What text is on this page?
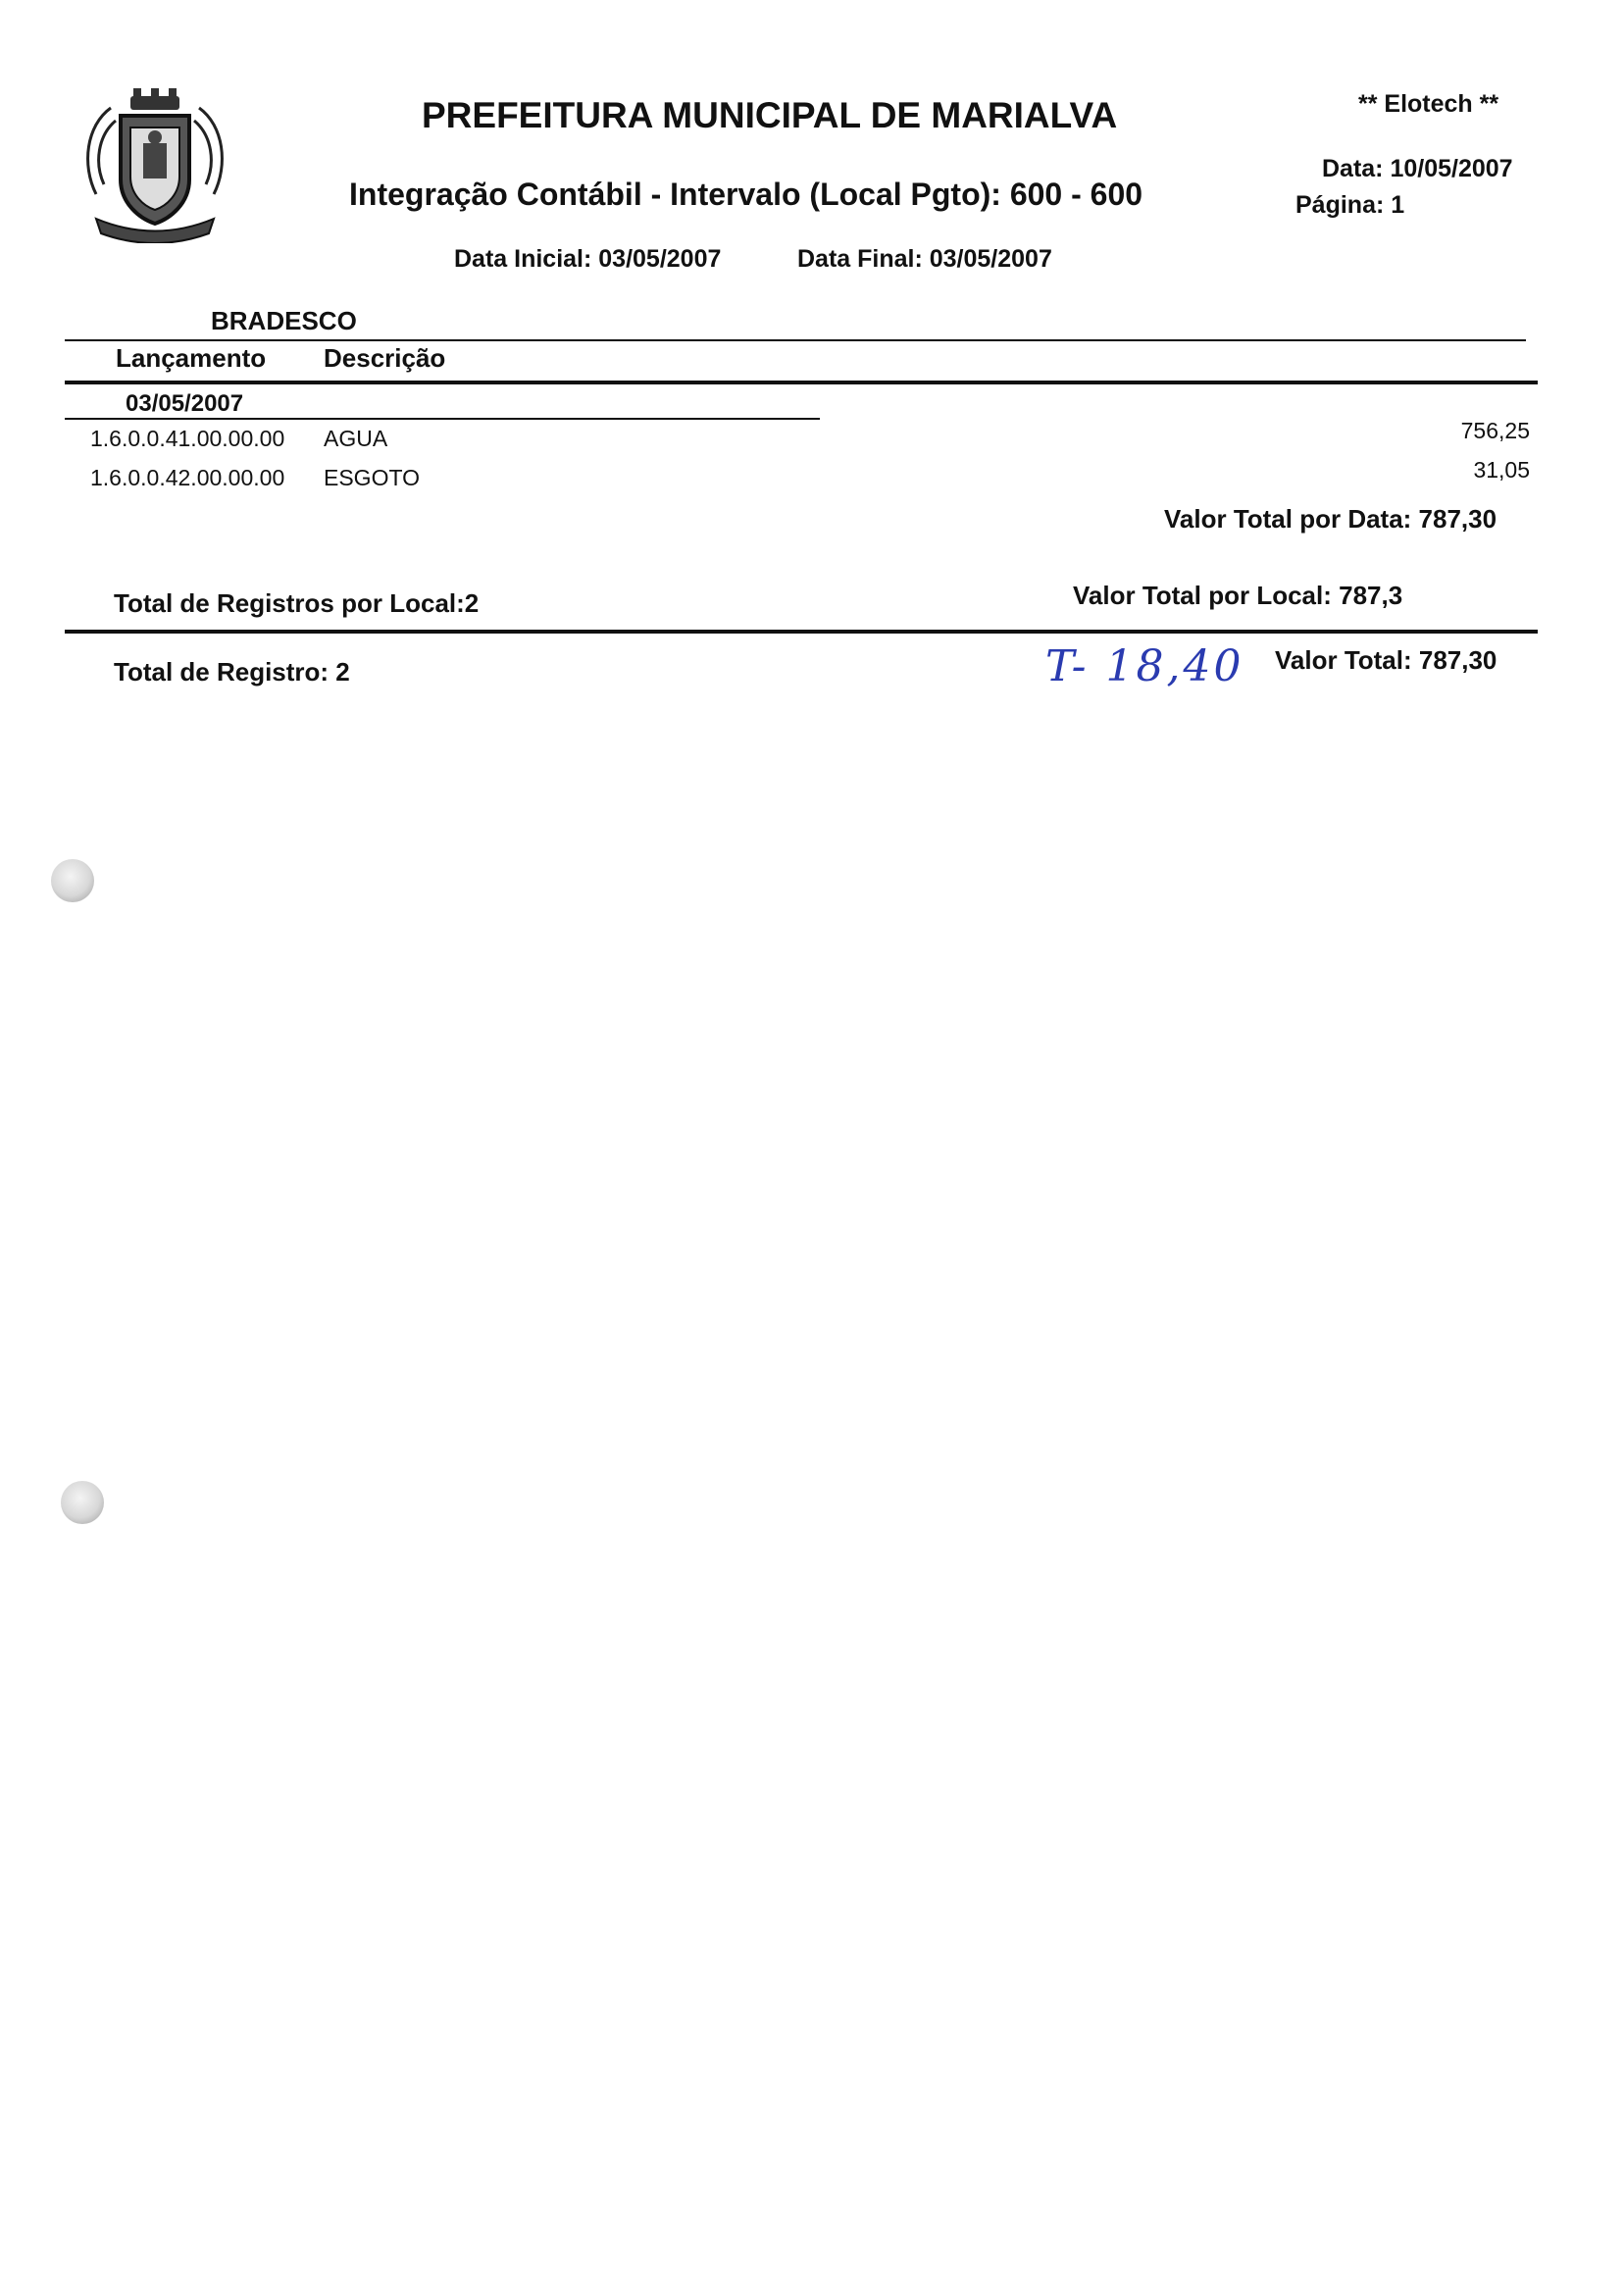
PREFEITURA MUNICIPAL DE MARIALVA
Integração Contábil - Intervalo (Local Pgto): 600 - 600
Data Inicial: 03/05/2007	Data Final: 03/05/2007
** Elotech **
Data: 10/05/2007
Página: 1
BRADESCO
Lançamento Descrição
03/05/2007
1.6.0.0.41.00.00.00 AGUA	756,25
1.6.0.0.42.00.00.00 ESGOTO	31,05
Valor Total por Data: 787,30
Total de Registros por Local:2	Valor Total por Local: 787,3
Total de Registro: 2	T- 18,40 Valor Total: 787,30
